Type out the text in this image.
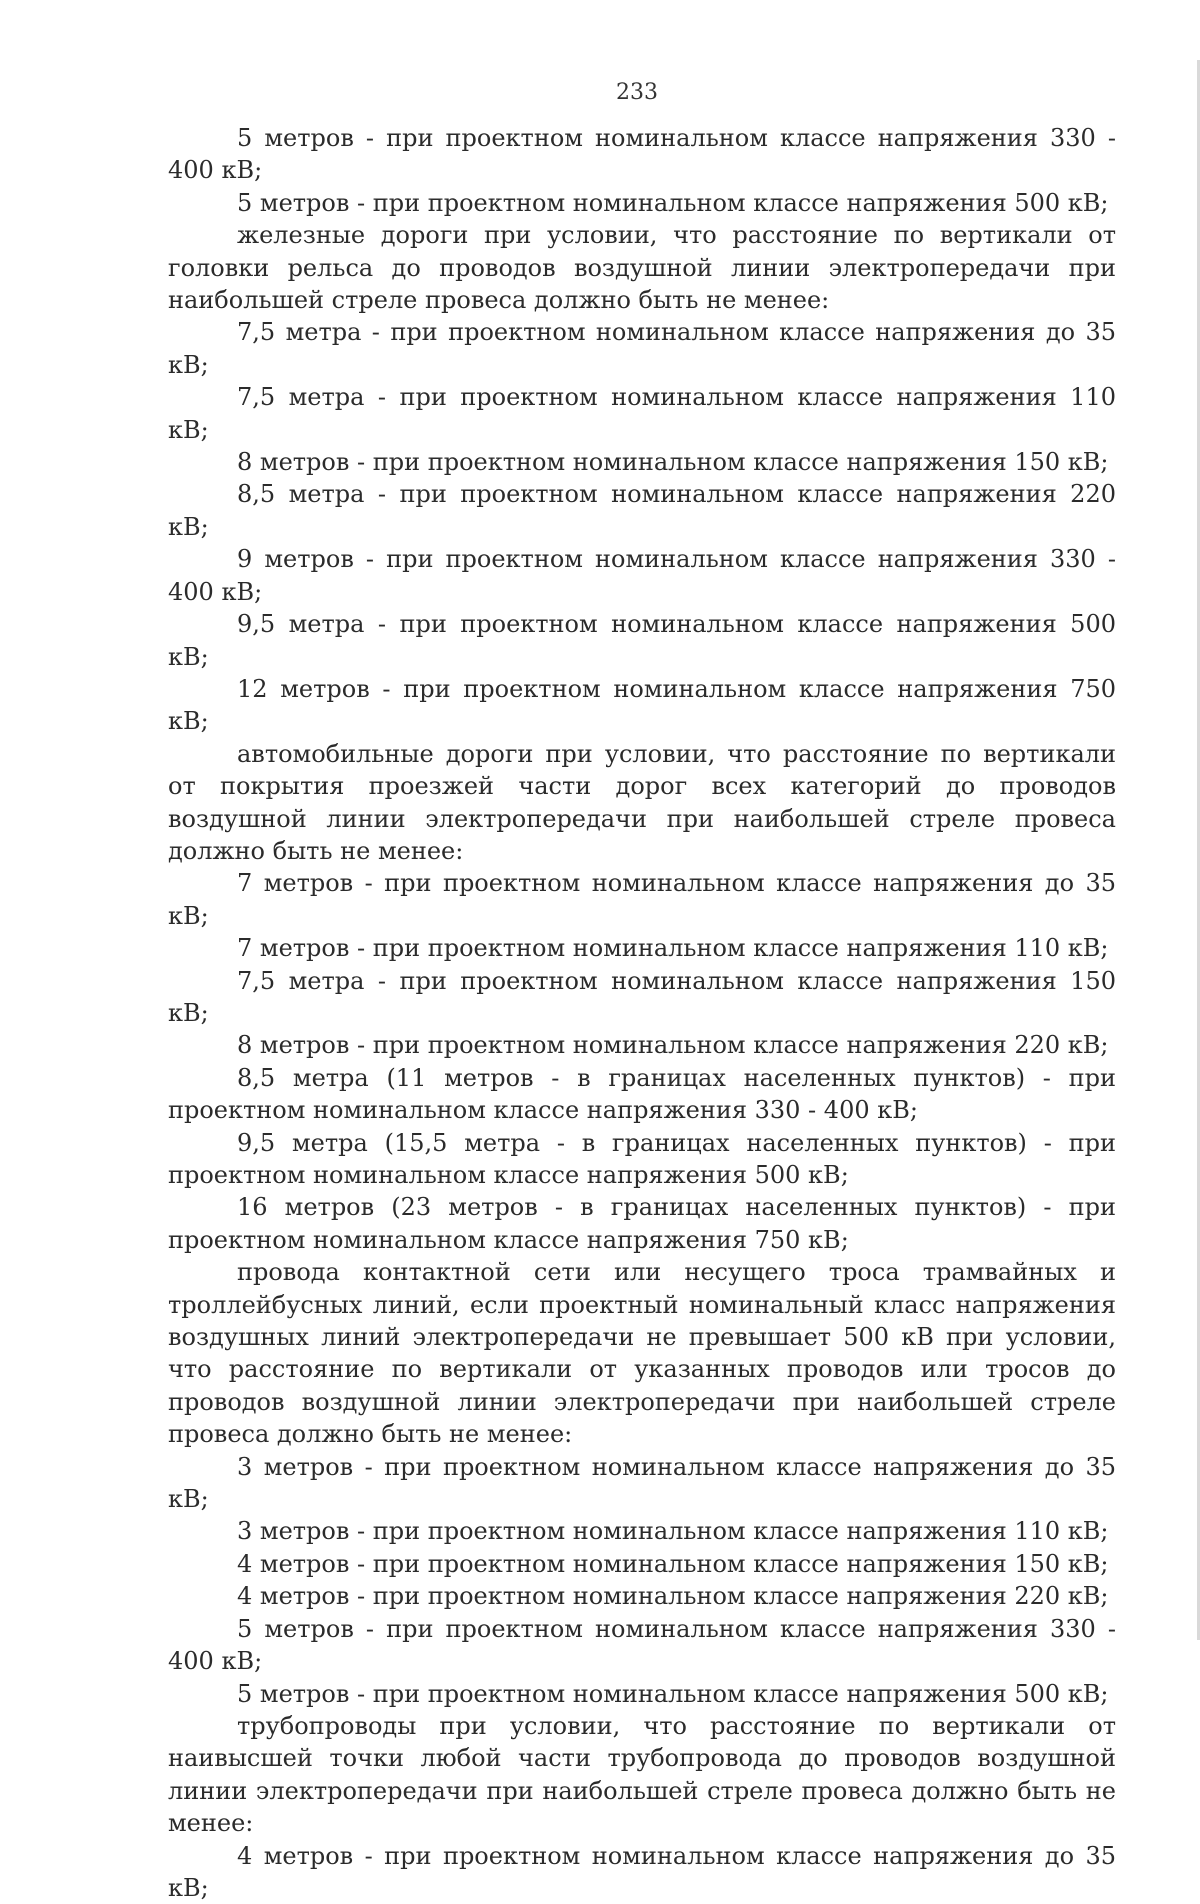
233

5 метров - при проектном номинальном классе напряжения 330 - 400 кВ;

5 метров - при проектном номинальном классе напряжения 500 кВ;

железные дороги при условии, что расстояние по вертикали от головки рельса до проводов воздушной линии электропередачи при наибольшей стреле провеса должно быть не менее:

7,5 метра - при проектном номинальном классе напряжения до 35 кВ;

7,5 метра - при проектном номинальном классе напряжения 110 кВ;

8 метров - при проектном номинальном классе напряжения 150 кВ;

8,5 метра - при проектном номинальном классе напряжения 220 кВ;

9 метров - при проектном номинальном классе напряжения 330 - 400 кВ;

9,5 метра - при проектном номинальном классе напряжения 500 кВ;

12 метров - при проектном номинальном классе напряжения 750 кВ;

автомобильные дороги при условии, что расстояние по вертикали от покрытия проезжей части дорог всех категорий до проводов воздушной линии электропередачи при наибольшей стреле провеса должно быть не менее:

7 метров - при проектном номинальном классе напряжения до 35 кВ;

7 метров - при проектном номинальном классе напряжения 110 кВ;

7,5 метра - при проектном номинальном классе напряжения 150 кВ;

8 метров - при проектном номинальном классе напряжения 220 кВ;

8,5 метра (11 метров - в границах населенных пунктов) - при проектном номинальном классе напряжения 330 - 400 кВ;

9,5 метра (15,5 метра - в границах населенных пунктов) - при проектном номинальном классе напряжения 500 кВ;

16 метров (23 метров - в границах населенных пунктов) - при проектном номинальном классе напряжения 750 кВ;

провода контактной сети или несущего троса трамвайных и троллейбусных линий, если проектный номинальный класс напряжения воздушных линий электропередачи не превышает 500 кВ при условии, что расстояние по вертикали от указанных проводов или тросов до проводов воздушной линии электропередачи при наибольшей стреле провеса должно быть не менее:

3 метров - при проектном номинальном классе напряжения до 35 кВ;

3 метров - при проектном номинальном классе напряжения 110 кВ;

4 метров - при проектном номинальном классе напряжения 150 кВ;

4 метров - при проектном номинальном классе напряжения 220 кВ;

5 метров - при проектном номинальном классе напряжения 330 - 400 кВ;

5 метров - при проектном номинальном классе напряжения 500 кВ;

трубопроводы при условии, что расстояние по вертикали от наивысшей точки любой части трубопровода до проводов воздушной линии электропередачи при наибольшей стреле провеса должно быть не менее:

4 метров - при проектном номинальном классе напряжения до 35 кВ;
